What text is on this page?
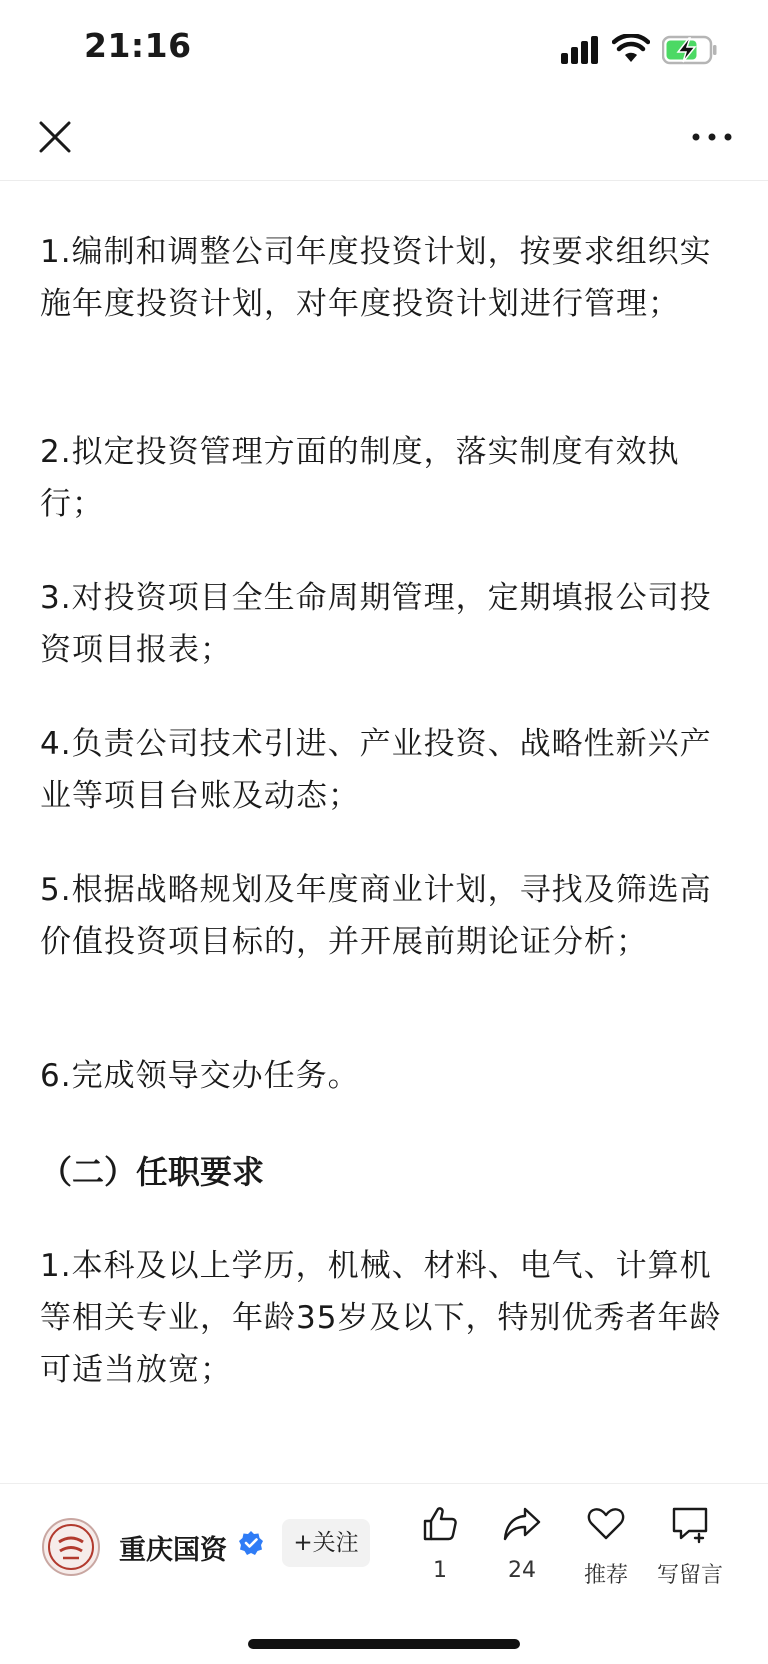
21:16

1.编制和调整公司年度投资计划，按要求组织实施年度投资计划，对年度投资计划进行管理；

2.拟定投资管理方面的制度，落实制度有效执行；

3.对投资项目全生命周期管理，定期填报公司投资项目报表；

4.负责公司技术引进、产业投资、战略性新兴产业等项目台账及动态；

5.根据战略规划及年度商业计划，寻找及筛选高价值投资项目标的，并开展前期论证分析；

6.完成领导交办任务。

（二）任职要求

1.本科及以上学历，机械、材料、电气、计算机等相关专业，年龄35岁及以下，特别优秀者年龄可适当放宽；

重庆国资	+关注
1	24	推荐	写留言
